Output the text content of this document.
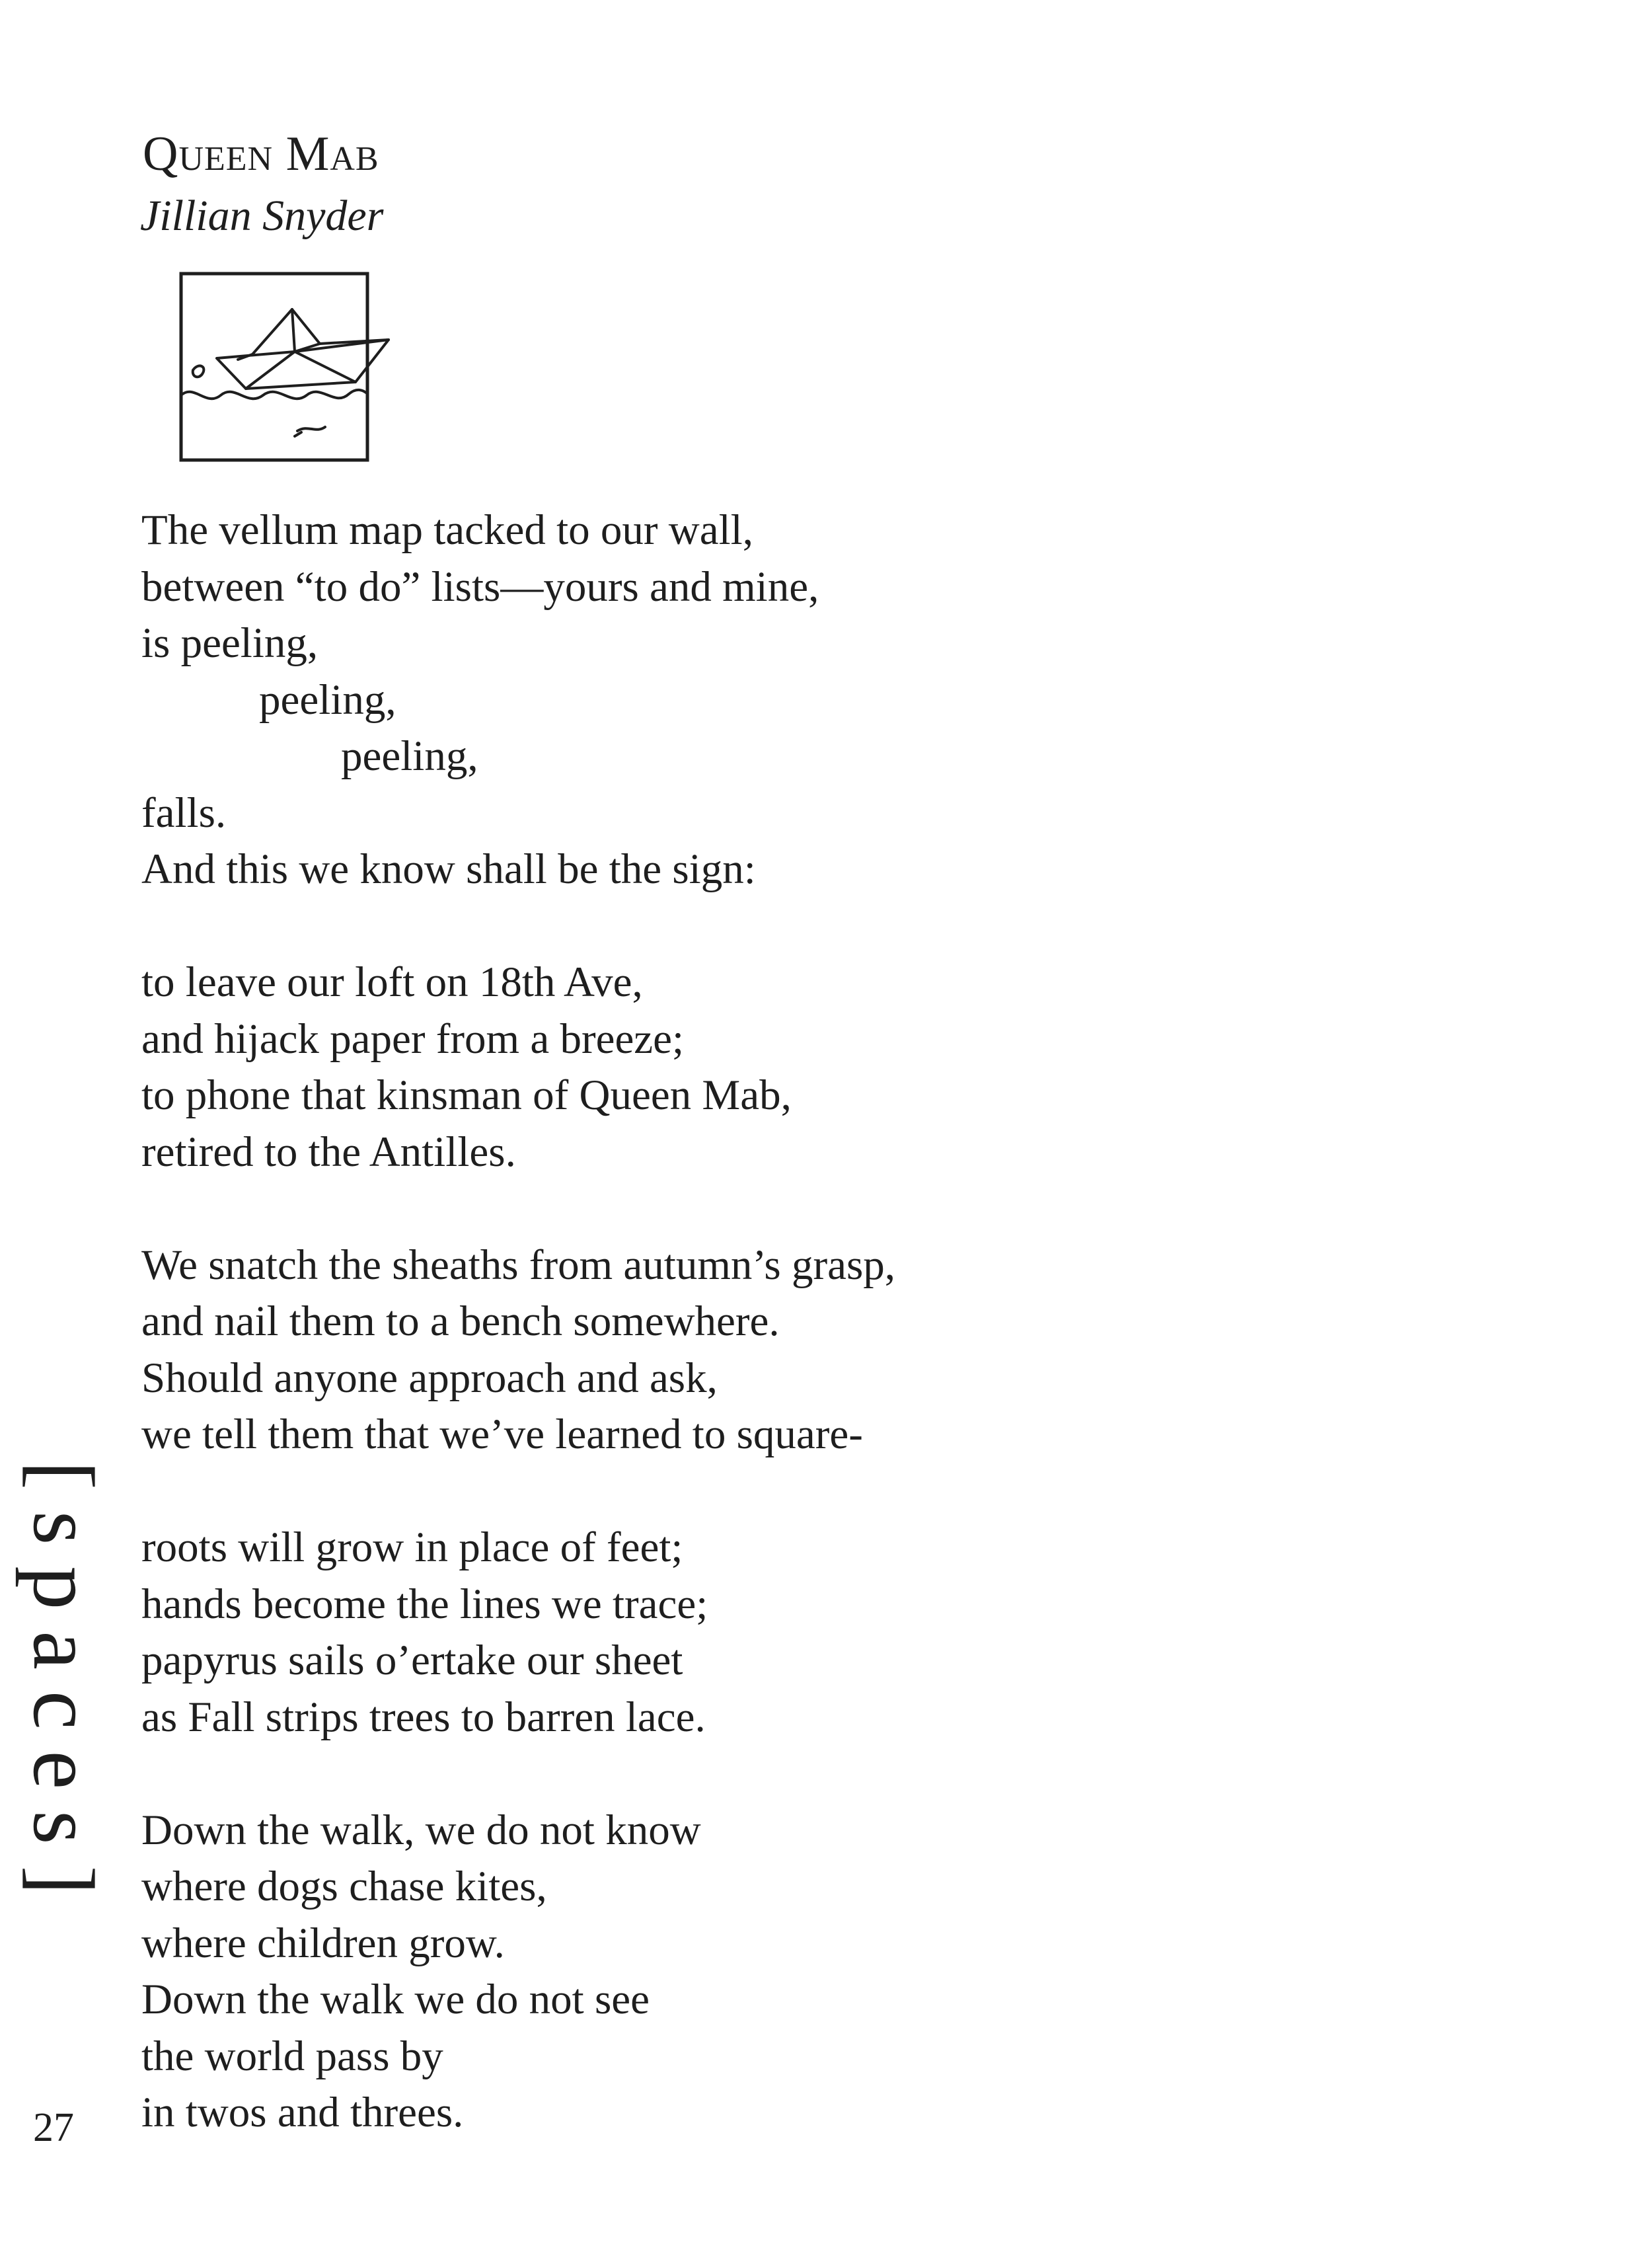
Queen Mab
Jillian Snyder
The vellum map tacked to our wall,
between “to do” lists—yours and mine,
is peeling,
peeling,
peeling,
falls.
And this we know shall be the sign:
to leave our loft on 18th Ave,
and hijack paper from a breeze;
to phone that kinsman of Queen Mab,
retired to the Antilles.
We snatch the sheaths from autumn’s grasp,
and nail them to a bench somewhere.
Should anyone approach and ask,
we tell them that we’ve learned to square-
roots will grow in place of feet;
hands become the lines we trace;
papyrus sails o’ertake our sheet
as Fall strips trees to barren lace.
Down the walk, we do not know
where dogs chase kites,
where children grow.
Down the walk we do not see
the world pass by
in twos and threes.
[spaces]
27
